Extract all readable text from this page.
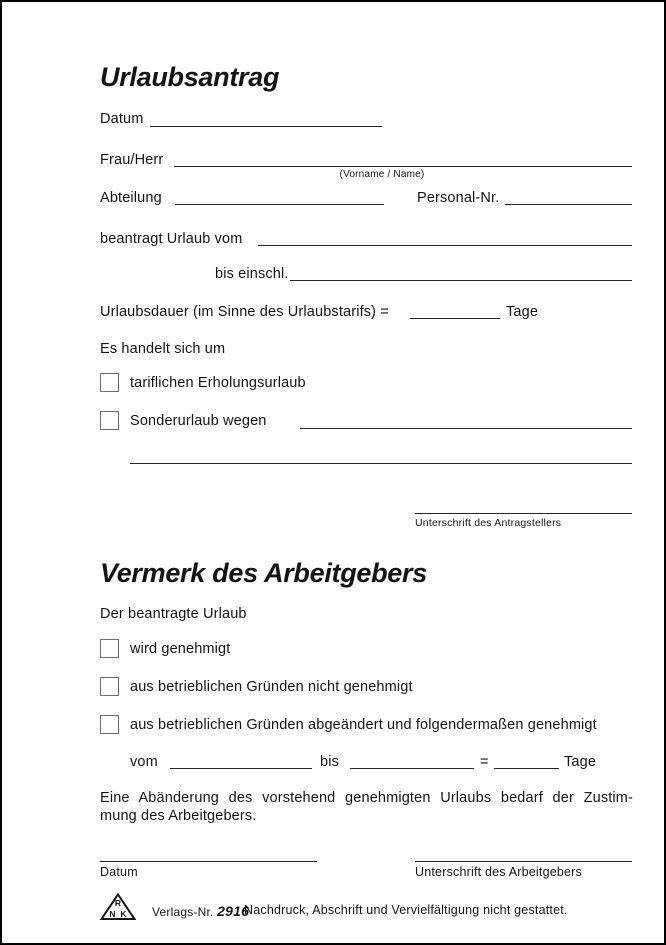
Urlaubsantrag
Datum
Frau/Herr
(Vorname / Name)
Abteilung	Personal-Nr.
beantragt Urlaub vom
bis einschl.
Urlaubsdauer (im Sinne des Urlaubstarifs) =	Tage
Es handelt sich um
tariflichen Erholungsurlaub
Sonderurlaub wegen
Unterschrift des Antragstellers
Vermerk des Arbeitgebers
Der beantragte Urlaub
wird genehmigt
aus betrieblichen Gründen nicht genehmigt
aus betrieblichen Gründen abgeändert und folgendermaßen genehmigt
vom	bis	=	Tage
Eine Abänderung des vorstehend genehmigten Urlaubs bedarf der Zustim-
mung des Arbeitgebers.
Datum	Unterschrift des Arbeitgebers
R
N K Verlags-Nr. 2916
Nachdruck, Abschrift und Vervielfältigung nicht gestattet.
